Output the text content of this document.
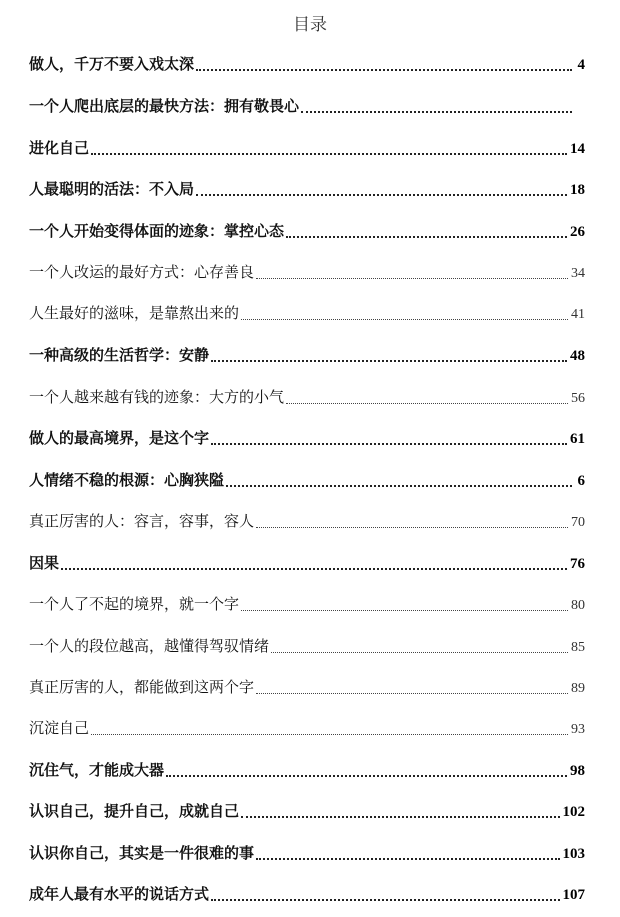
目录
做人，千万不要入戏太深	4
一个人爬出底层的最快方法：拥有敬畏心
进化自己	14
人最聪明的活法：不入局	18
一个人开始变得体面的迹象：掌控心态	26
一个人改运的最好方式：心存善良	34
人生最好的滋味，是靠熬出来的	41
一种高级的生活哲学：安静	48
一个人越来越有钱的迹象：大方的小气	56
做人的最高境界，是这个字	61
人情绪不稳的根源：心胸狭隘	6
真正厉害的人：容言，容事，容人	70
因果	76
一个人了不起的境界，就一个字	80
一个人的段位越高，越懂得驾驭情绪	85
真正厉害的人，都能做到这两个字	89
沉淀自己	93
沉住气，才能成大器	98
认识自己，提升自己，成就自己	102
认识你自己，其实是一件很难的事	103
成年人最有水平的说话方式	107
